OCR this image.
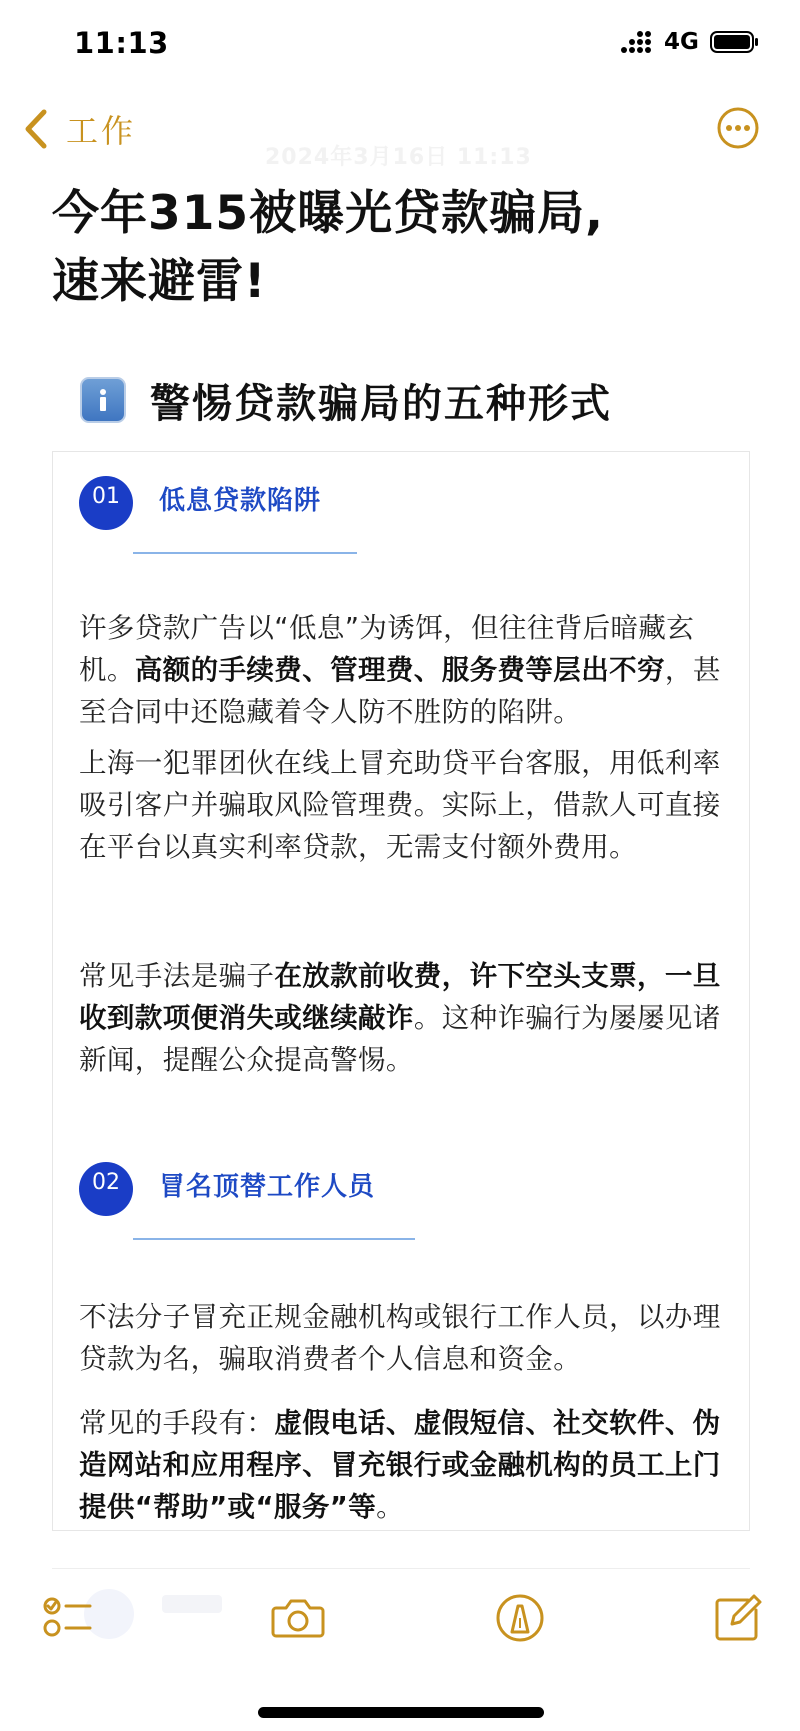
11:13	4G
工作
2024年3月16日 11:13
今年315被曝光贷款骗局,
速来避雷!
警惕贷款骗局的五种形式
01	低息贷款陷阱
许多贷款广告以“低息”为诱饵，但往往背后暗藏玄机。高额的手续费、管理费、服务费等层出不穷，甚至合同中还隐藏着令人防不胜防的陷阱。
上海一犯罪团伙在线上冒充助贷平台客服，用低利率吸引客户并骗取风险管理费。实际上，借款人可直接在平台以真实利率贷款，无需支付额外费用。
常见手法是骗子在放款前收费，许下空头支票，一旦收到款项便消失或继续敲诈。这种诈骗行为屡屡见诸新闻，提醒公众提高警惕。
02	冒名顶替工作人员
不法分子冒充正规金融机构或银行工作人员，以办理贷款为名，骗取消费者个人信息和资金。
常见的手段有：虚假电话、虚假短信、社交软件、伪造网站和应用程序、冒充银行或金融机构的员工上门提供“帮助”或“服务”等。
